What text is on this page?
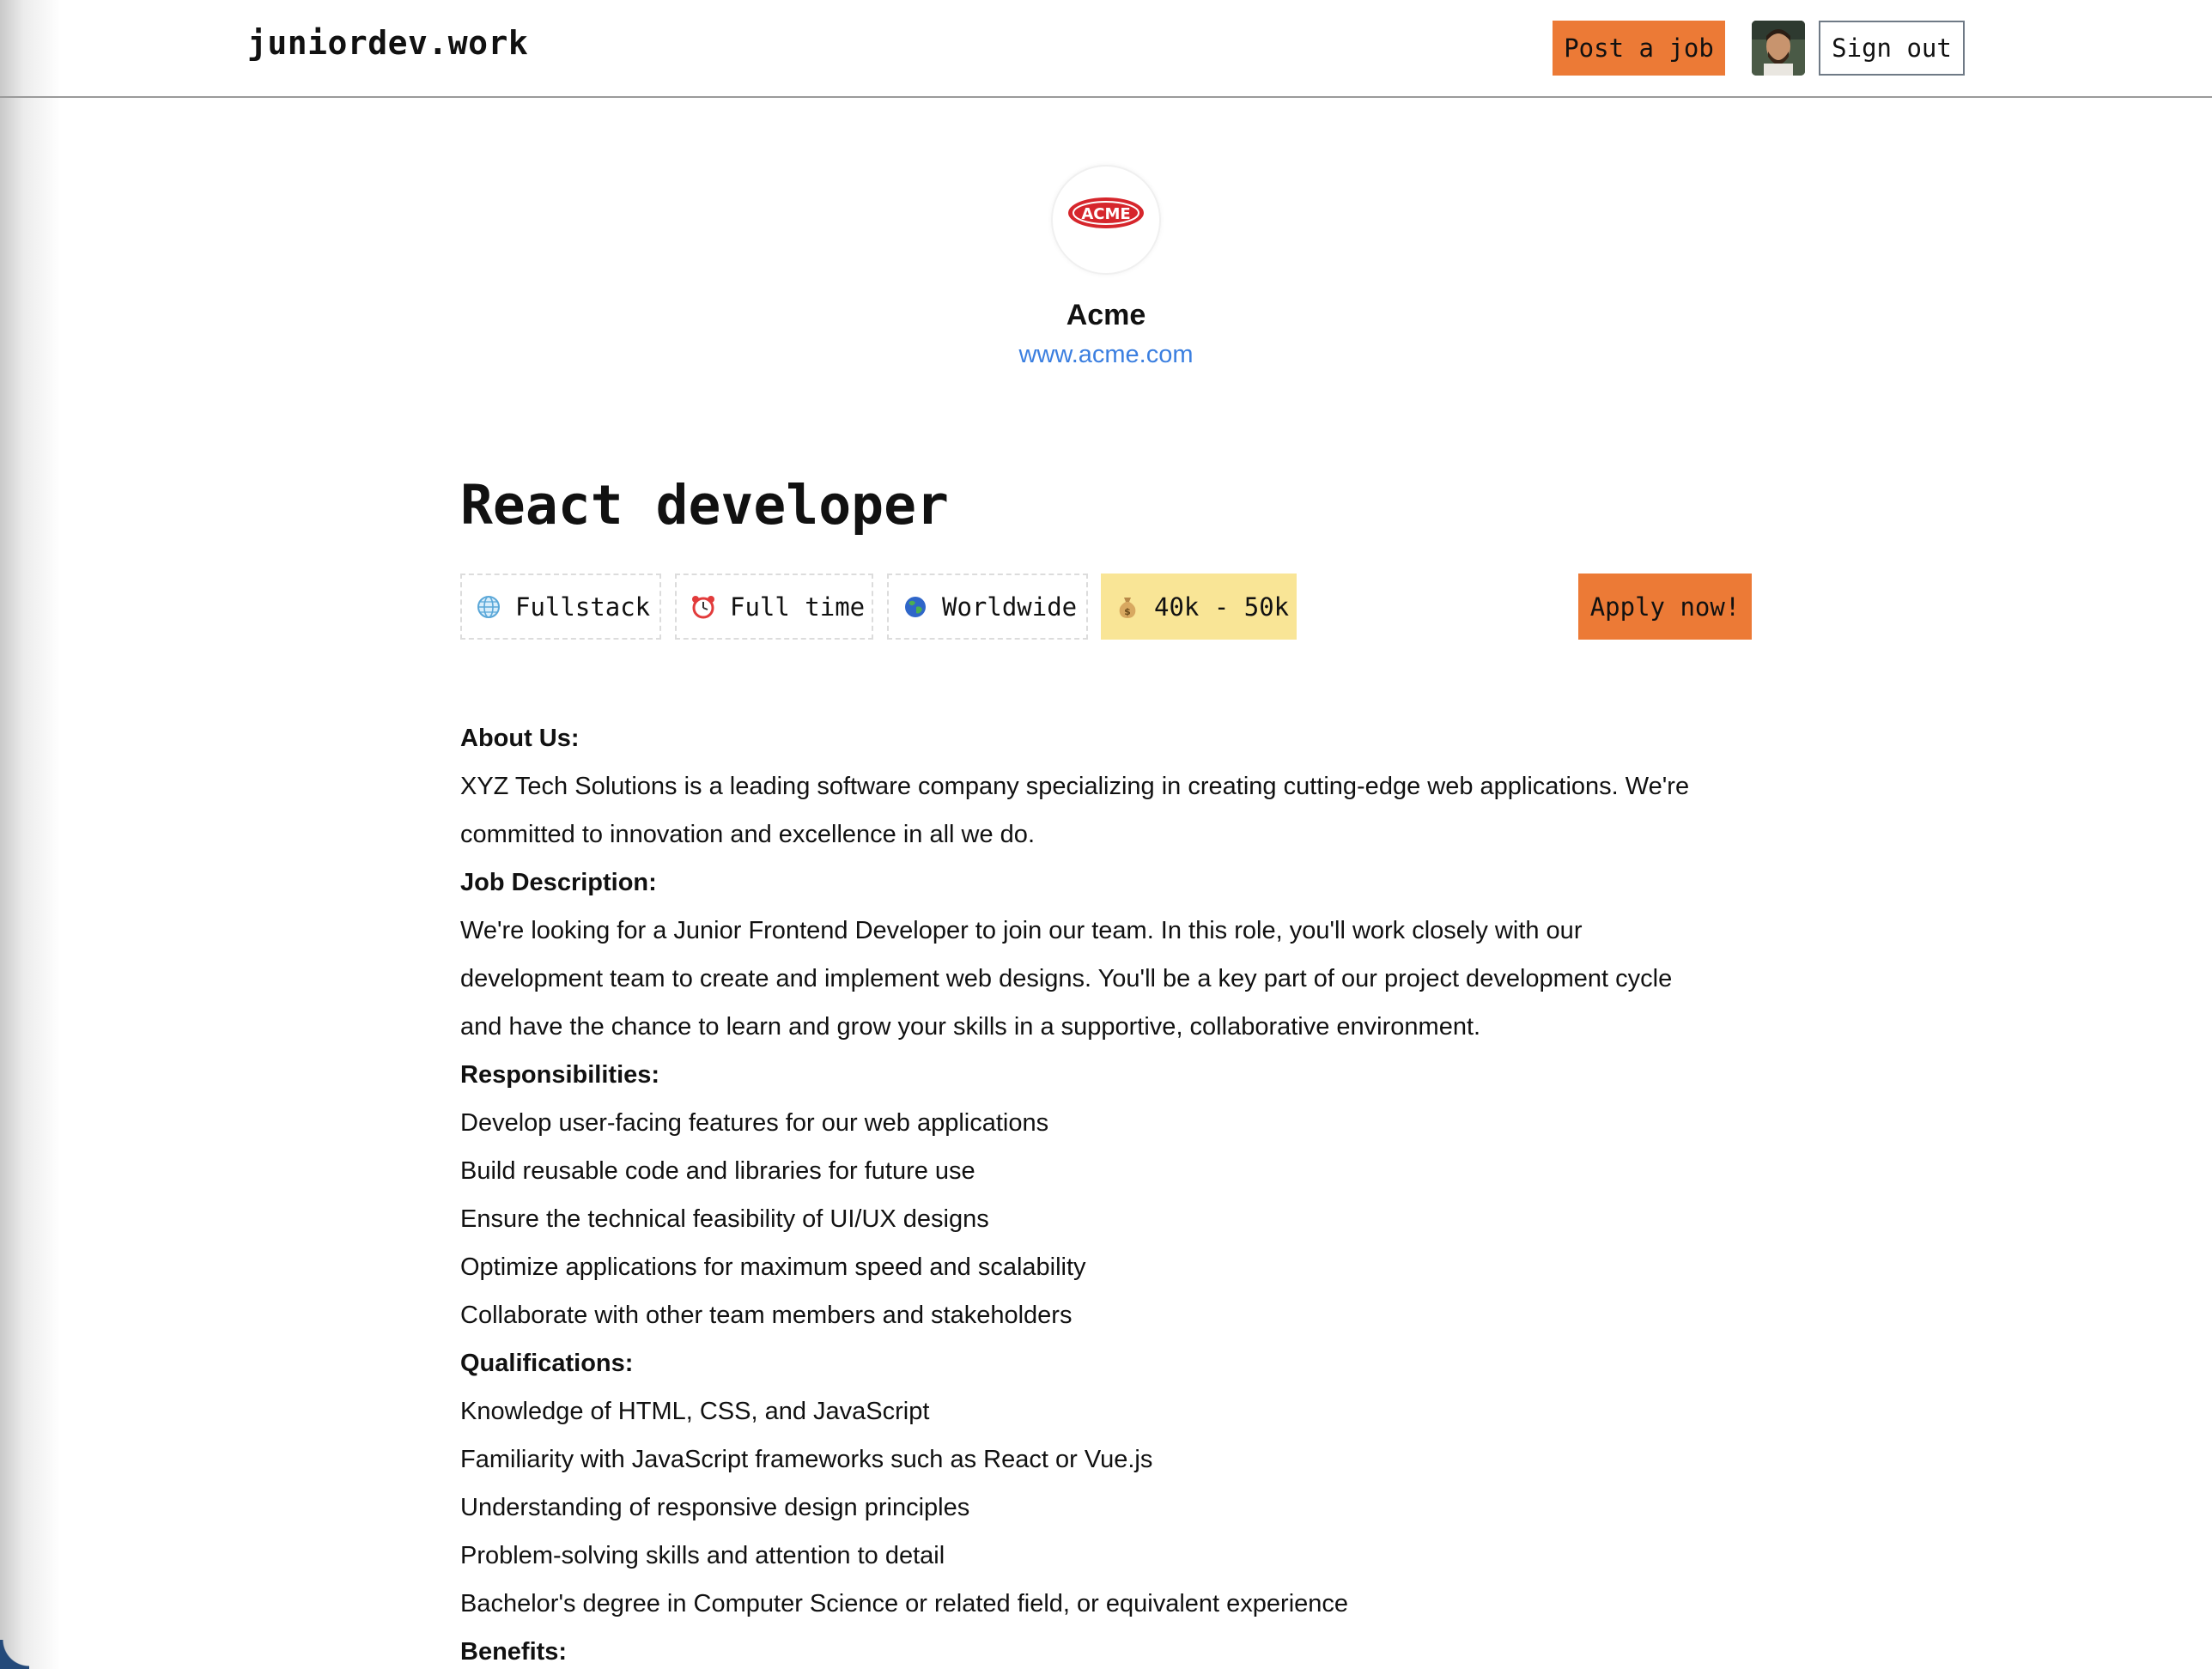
juniordev.work	Post a job	Sign out
ACME
Acme
www.acme.com
React developer
Fullstack	Full time	Worldwide	$ 40k - 50k	Apply now!
About Us:
XYZ Tech Solutions is a leading software company specializing in creating cutting-edge web applications. We're
committed to innovation and excellence in all we do.
Job Description:
We're looking for a Junior Frontend Developer to join our team. In this role, you'll work closely with our
development team to create and implement web designs. You'll be a key part of our project development cycle
and have the chance to learn and grow your skills in a supportive, collaborative environment.
Responsibilities:
Develop user-facing features for our web applications
Build reusable code and libraries for future use
Ensure the technical feasibility of UI/UX designs
Optimize applications for maximum speed and scalability
Collaborate with other team members and stakeholders
Qualifications:
Knowledge of HTML, CSS, and JavaScript
Familiarity with JavaScript frameworks such as React or Vue.js
Understanding of responsive design principles
Problem-solving skills and attention to detail
Bachelor's degree in Computer Science or related field, or equivalent experience
Benefits:
